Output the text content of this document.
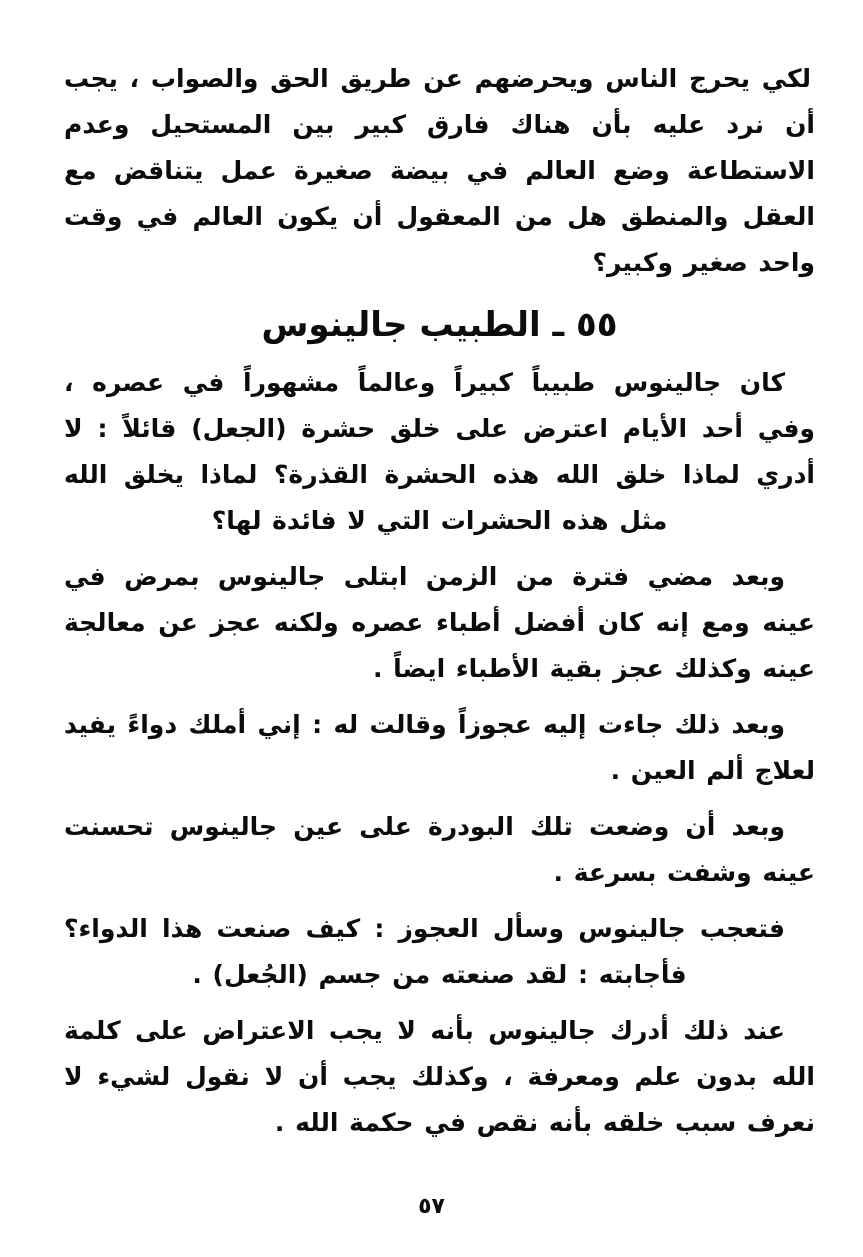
لكي يحرج الناس ويحرضهم عن طريق الحق والصواب ، يجب أن نرد عليه بأن هناك فارق كبير بين المستحيل وعدم الاستطاعة وضع العالم في بيضة صغيرة عمل يتناقض مع العقل والمنطق هل من المعقول أن يكون العالم في وقت واحد صغير وكبير؟

٥٥ ـ الطبيب جالينوس

كان جالينوس طبيباً كبيراً وعالماً مشهوراً في عصره ، وفي أحد الأيام اعترض على خلق حشرة (الجعل) قائلاً : لا أدري لماذا خلق الله هذه الحشرة القذرة؟ لماذا يخلق الله مثل هذه الحشرات التي لا فائدة لها؟

وبعد مضي فترة من الزمن ابتلى جالينوس بمرض في عينه ومع إنه كان أفضل أطباء عصره ولكنه عجز عن معالجة عينه وكذلك عجز بقية الأطباء ايضاً .

وبعد ذلك جاءت إليه عجوزاً وقالت له : إني أملك دواءً يفيد لعلاج ألم العين .

وبعد أن وضعت تلك البودرة على عين جالينوس تحسنت عينه وشفت بسرعة .

فتعجب جالينوس وسأل العجوز : كيف صنعت هذا الدواء؟ فأجابته : لقد صنعته من جسم (الجُعل) .

عند ذلك أدرك جالينوس بأنه لا يجب الاعتراض على كلمة الله بدون علم ومعرفة ، وكذلك يجب أن لا نقول لشيء لا نعرف سبب خلقه بأنه نقص في حكمة الله .

٥٧
